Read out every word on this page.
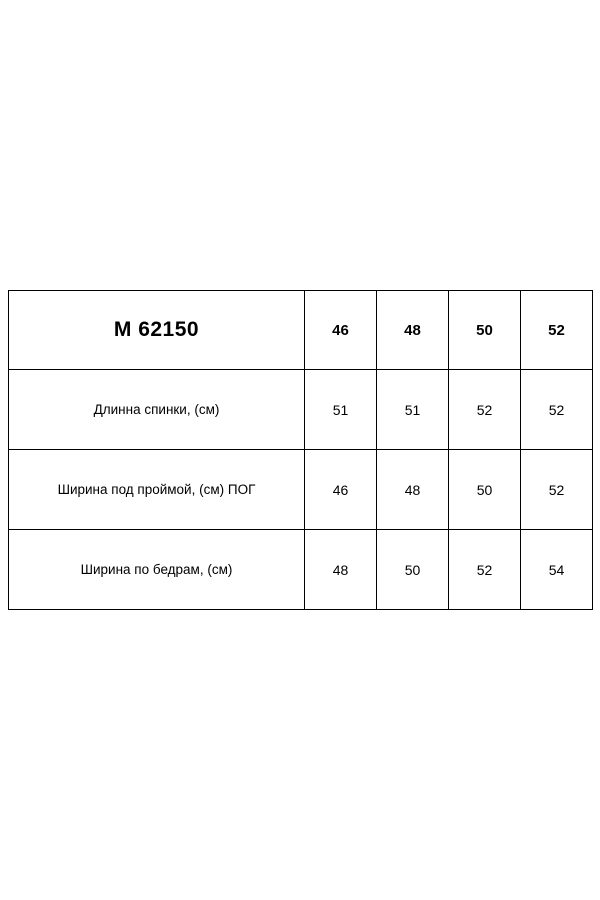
M 62150	46	48	50	52
Длинна спинки, (см)	51	51	52	52
Ширина под проймой, (см) ПОГ	46	48	50	52
Ширина по бедрам, (см)	48	50	52	54
